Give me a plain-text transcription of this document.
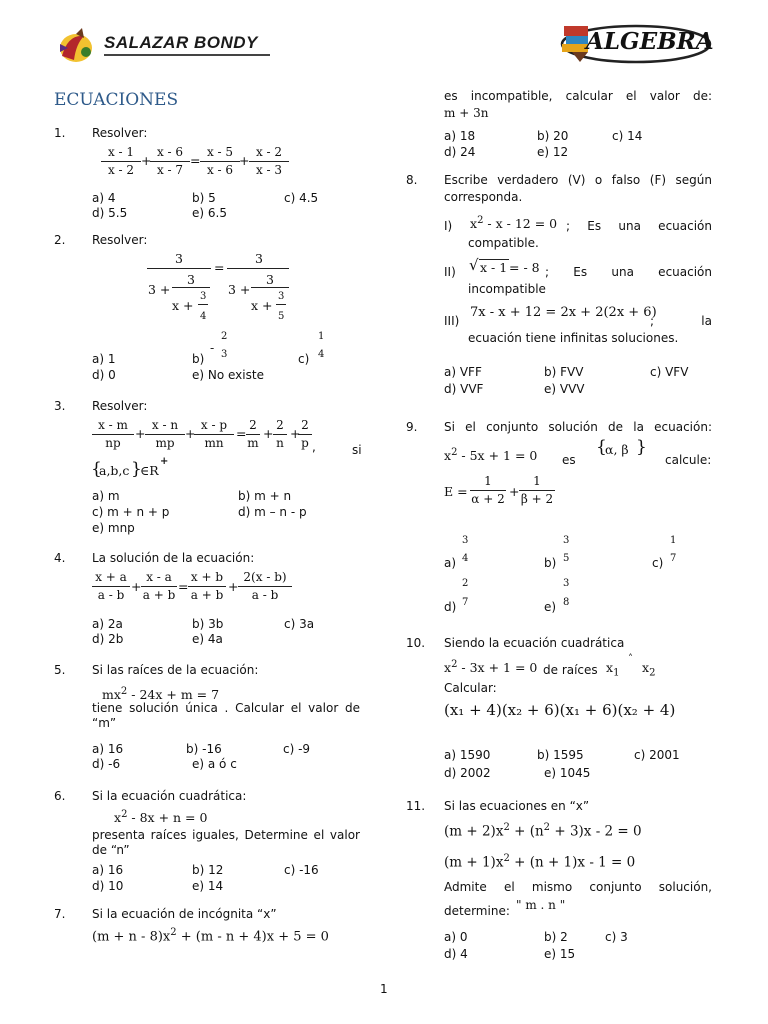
SALAZAR BONDY	ALGEBRA
ECUACIONES
1. Resolver:
$\frac{x - 1}{x - 2}$ +
$\frac{x - 6}{x - 7} = \frac{x - 5}{x - 6} + \frac{x - 2}{x - 3}$
a) 4	b) 5	c) 4.5
d) 5.5	e) 6.5
2. Resolver:
3
3 +
3
x +
3
4
=
3
3 +
3
x +
3
5
a) 1	b)
-
2
3	c)
1
4
d) 0	e) No existe
3. Resolver:
$\frac{x - m}{np} + \frac{x - n}{mp}$ +
$\frac{x - p}{mn} = \frac{2}{m} + \frac{2}{n}$ +
$\frac{2}{p}$ ,	si
{
a,b,c }
∈R
+
a) m	b) m + n
c) m + n + p	d) m – n - p
e) mnp
4. La solución de la ecuación:
$\frac{x + a}{a - b} + \frac{x - a}{a + b} = \frac{x + b}{a + b} + \frac{2(x - b)}{a - b}$
a) 2a	b) 3b	c) 3a
d) 2b	e) 4a
5. Si las raíces de la ecuación:
$mx^2 - 24x + m = 7$
tiene solución única . Calcular el valor de
“m”
a) 16	b) -16	c) -9
d) -6	e) a ó c
6. Si la ecuación cuadrática:
$x^2 - 8x + n = 0$
presenta raíces iguales, Determine el valor
de “n”
a) 16	b) 12	c) -16
d) 10	e) 14
7. Si la ecuación de incógnita “x”
$(m + n - 8)x^2 + (m - n + 4)x + 5 = 0$
es incompatible, calcular el valor de:
m + 3n
a) 18	b) 20	c) 14
d) 24	e) 12
8. Escribe verdadero (V) o falso (F) según
corresponda.
I) $x^2 - x - 12 = 0$ ; Es una ecuación
compatible.
II) √ x - 1 = - 8 ; Es una ecuación
incompatible
III)
7x - x + 12 = 2x + 2(2x + 6)
; la
ecuación tiene infinitas soluciones.
a) VFF	b) FVV	c) VFV
d) VVF	e) VVV
9. Si el conjunto solución de la ecuación:
$x^2 - 5x + 1 = 0$ es
{
α, β }
calcule:
$E = \frac{1}{\alpha + 2} + \frac{1}{\beta + 2}$
a)
3
4	b)
3
5	c)
1
7
d)
2
7	e)
3
8
10. Siendo la ecuación cuadrática
$x^2 - 3x + 1 = 0$ de raíces $x_1$
˄
$x_2$
Calcular:
(x₁ + 4)(x₂ + 6)(x₁ + 6)(x₂ + 4)
a) 1590	b) 1595	c) 2001
d) 2002	e) 1045
11. Si las ecuaciones en “x”
$(m + 2)x^2 + (n^2 + 3)x - 2 = 0$
$(m + 1)x^2 + (n + 1)x - 1 = 0$
Admite el mismo conjunto solución,
determine: " m . n "
a) 0	b) 2	c) 3
d) 4	e) 15
1
